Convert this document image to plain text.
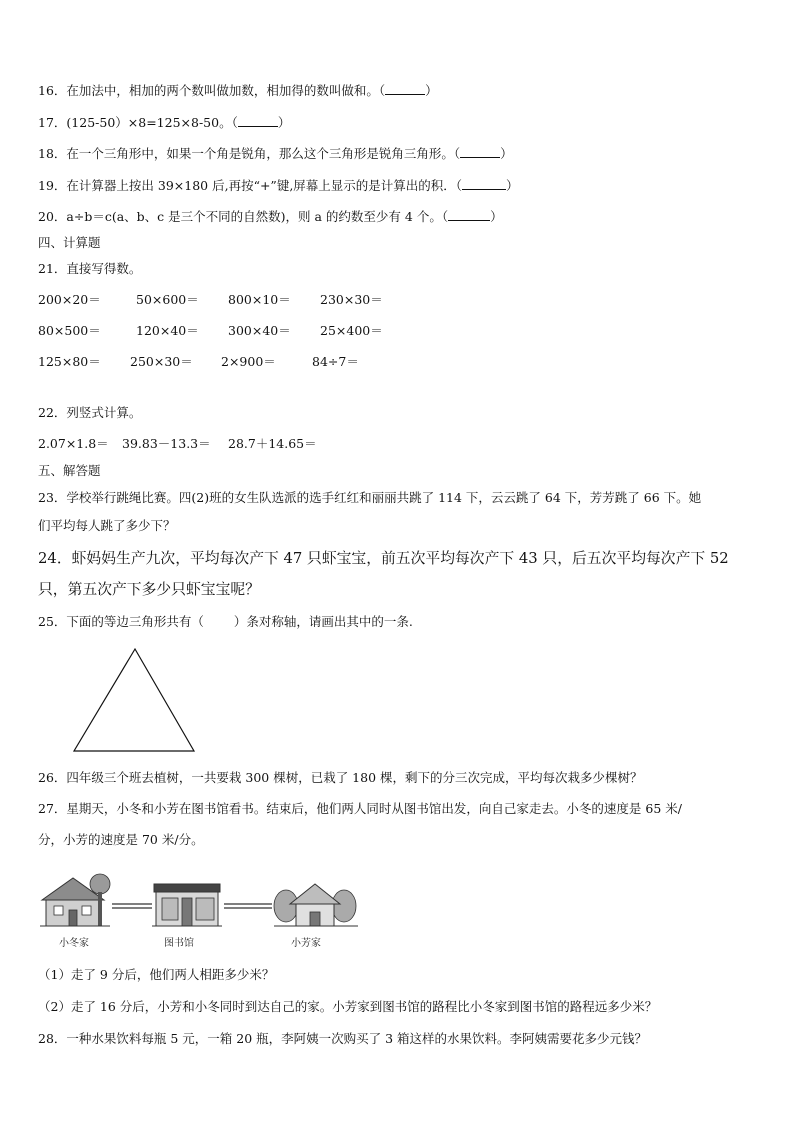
16．在加法中，相加的两个数叫做加数，相加得的数叫做和。（	）
17．(125-50）×8=125×8-50。（	）
18．在一个三角形中，如果一个角是锐角，那么这个三角形是锐角三角形。（	）
19．在计算器上按出 39×180 后,再按“+”键,屏幕上显示的是计算出的积．（	）
20．a÷b＝c(a、b、c 是三个不同的自然数)，则 a 的约数至少有 4 个。（	）
四、计算题
21．直接写得数。
200×20＝	50×600＝ 800×10＝ 230×30＝
80×500＝	120×40＝ 300×40＝ 25×400＝
125×80＝ 250×30＝ 2×900＝	84÷7＝
22．列竖式计算。
2.07×1.8＝ 39.83－13.3＝ 28.7＋14.65＝
五、解答题
23．学校举行跳绳比赛。四(2)班的女生队选派的选手红红和丽丽共跳了 114 下，云云跳了 64 下，芳芳跳了 66 下。她
们平均每人跳了多少下？
24．虾妈妈生产九次，平均每次产下 47 只虾宝宝，前五次平均每次产下 43 只，后五次平均每次产下 52
只，第五次产下多少只虾宝宝呢？
25．下面的等边三角形共有（ ）条对称轴，请画出其中的一条.
26．四年级三个班去植树，一共要栽 300 棵树，已栽了 180 棵，剩下的分三次完成，平均每次栽多少棵树？
27．星期天，小冬和小芳在图书馆看书。结束后，他们两人同时从图书馆出发，向自己家走去。小冬的速度是 65 米/
分，小芳的速度是 70 米/分。
小冬家	图书馆	小芳家
（1）走了 9 分后，他们两人相距多少米？
（2）走了 16 分后，小芳和小冬同时到达自己的家。小芳家到图书馆的路程比小冬家到图书馆的路程远多少米？
28．一种水果饮料每瓶 5 元，一箱 20 瓶，李阿姨一次购买了 3 箱这样的水果饮料。李阿姨需要花多少元钱？
